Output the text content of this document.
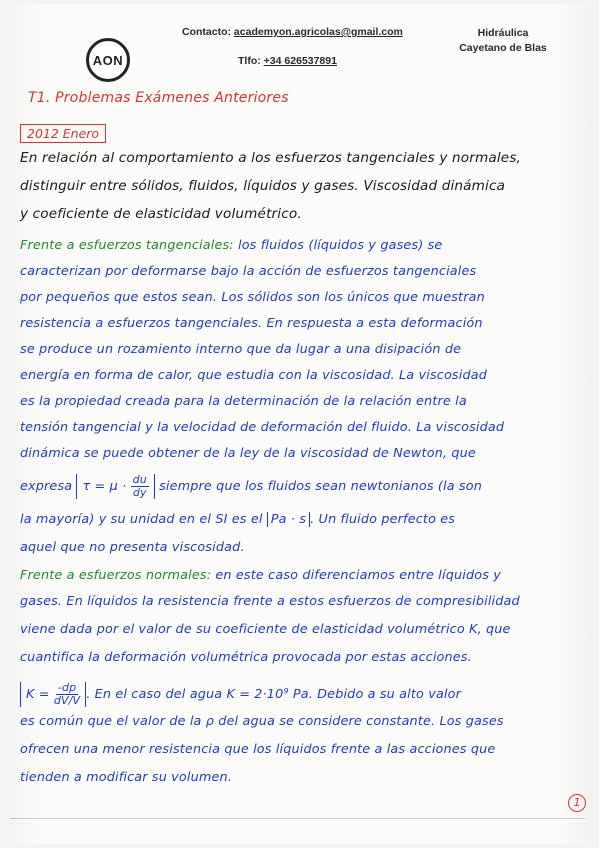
AON
Contacto: academyon.agricolas@gmail.com
Tlfo: +34 626537891
Hidráulica
Cayetano de Blas
T1. Problemas Exámenes Anteriores
2012 Enero
En relación al comportamiento a los esfuerzos tangenciales y normales,
distinguir entre sólidos, fluidos, líquidos y gases. Viscosidad dinámica
y coeficiente de elasticidad volumétrico.
Frente a esfuerzos tangenciales: los fluidos (líquidos y gases) se
caracterizan por deformarse bajo la acción de esfuerzos tangenciales
por pequeños que estos sean. Los sólidos son los únicos que muestran
resistencia a esfuerzos tangenciales. En respuesta a esta deformación
se produce un rozamiento interno que da lugar a una disipación de
energía en forma de calor, que estudia con la viscosidad. La viscosidad
es la propiedad creada para la determinación de la relación entre la
tensión tangencial y la velocidad de deformación del fluido. La viscosidad
dinámica se puede obtener de la ley de la viscosidad de Newton, que
expresa $\tau = \mu \cdot \frac{du}{dy}$ siempre que los fluidos sean newtonianos (la son
la mayoría) y su unidad en el SI es el Pa · s . Un fluido perfecto es
aquel que no presenta viscosidad.
Frente a esfuerzos normales: en este caso diferenciamos entre líquidos y
gases. En líquidos la resistencia frente a estos esfuerzos de compresibilidad
viene dada por el valor de su coeficiente de elasticidad volumétrico K, que
cuantifica la deformación volumétrica provocada por estas acciones.
$K = \frac{-dp}{dV/V}$ . En el caso del agua K = 2·10⁹ Pa. Debido a su alto valor
es común que el valor de la ρ del agua se considere constante. Los gases
ofrecen una menor resistencia que los líquidos frente a las acciones que
tienden a modificar su volumen.
1
